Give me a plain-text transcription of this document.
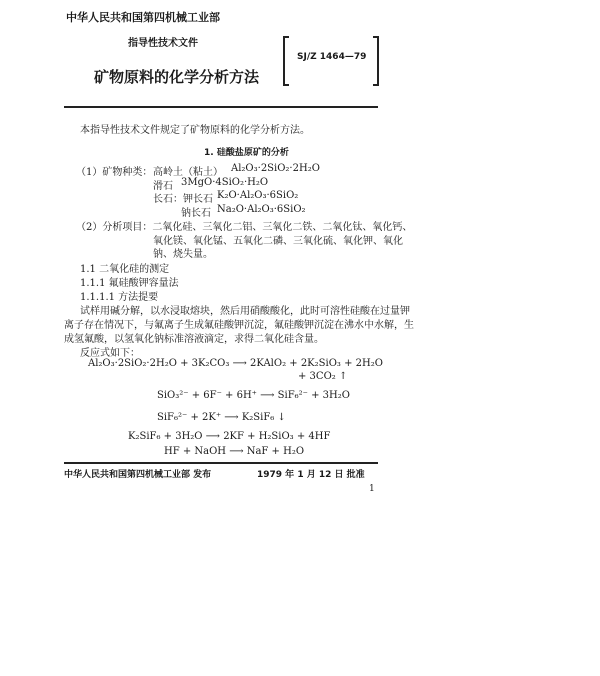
中华人民共和国第四机械工业部
指导性技术文件
SJ/Z 1464—79
矿物原料的化学分析方法
本指导性技术文件规定了矿物原料的化学分析方法。
1. 硅酸盐原矿的分析
（1）矿物种类： 高岭土（粘土） Al₂O₃·2SiO₂·2H₂O
滑石 3MgO·4SiO₂·H₂O
长石：钾长石 K₂O·Al₂O₃·6SiO₂
钠长石 Na₂O·Al₂O₃·6SiO₂
（2）分析项目：二氧化硅、三氧化二铝、三氧化二铁、二氧化钛、氧化钙、
氧化镁、氧化锰、五氧化二磷、三氧化硫、氧化钾、氧化
钠、烧失量。
1.1 二氧化硅的测定
1.1.1 氟硅酸钾容量法
1.1.1.1 方法提要
试样用碱分解，以水浸取熔块，然后用硝酸酸化，此时可溶性硅酸在过量钾
离子存在情况下，与氟离子生成氟硅酸钾沉淀，氟硅酸钾沉淀在沸水中水解，生
成氢氟酸，以氢氧化钠标准溶液滴定，求得二氧化硅含量。
反应式如下：
Al₂O₃·2SiO₂·2H₂O + 3K₂CO₃ ⟶ 2KAlO₂ + 2K₂SiO₃ + 2H₂O
+ 3CO₂ ↑
SiO₃²⁻ + 6F⁻ + 6H⁺ ⟶ SiF₆²⁻ + 3H₂O
SiF₆²⁻ + 2K⁺ ⟶ K₂SiF₆ ↓
K₂SiF₆ + 3H₂O ⟶ 2KF + H₂SiO₃ + 4HF
HF + NaOH ⟶ NaF + H₂O
中华人民共和国第四机械工业部 发布	1979 年 1 月 12 日 批准
1
